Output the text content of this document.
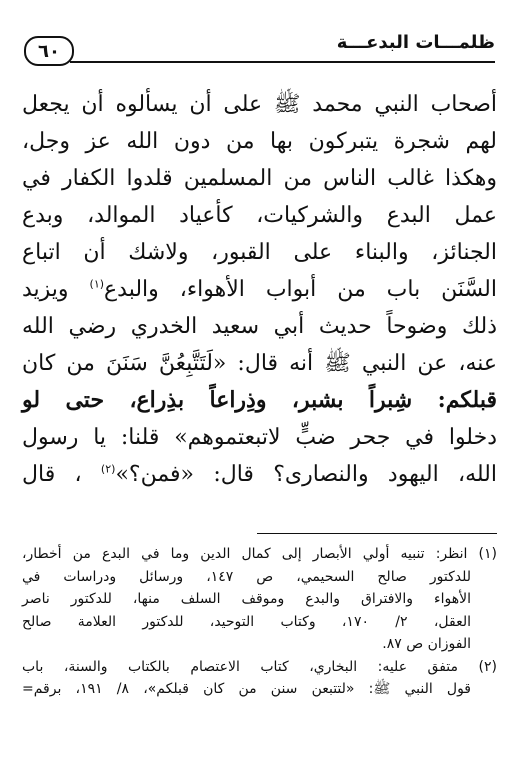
ظلمـــات البدعـــة
٦٠
أصحاب النبي محمد ﷺ على أن يسألوه أن يجعل
لهم شجرة يتبركون بها من دون الله عز وجل،
وهكذا غالب الناس من المسلمين قلدوا الكفار في
عمل البدع والشركيات، كأعياد الموالد، وبدع
الجنائز، والبناء على القبور، ولاشك أن اتباع
السَّنَن باب من أبواب الأهواء، والبدع$^{(١)}$ ويزيد
ذلك وضوحاً حديث أبي سعيد الخدري رضي الله
عنه، عن النبي ﷺ أنه قال: «لَتَتَّبِعُنَّ سَنَنَ من كان
قبلكم: شِبراً بشبر، وذِراعاً بذِراع، حتى لو
دخلوا في جحر ضبٍّ لاتبعتموهم» قلنا: يا رسول
الله، اليهود والنصارى؟ قال: «فمن؟»$^{(٢)}$ ، قال
(١) انظر: تنبيه أولي الأبصار إلى كمال الدين وما في البدع من أخطار،
للدكتور صالح السحيمي، ص ١٤٧، ورسائل ودراسات في
الأهواء والافتراق والبدع وموقف السلف منها، للدكتور ناصر
العقل، ٢/ ١٧٠، وكتاب التوحيد، للدكتور العلامة صالح
الفوزان ص ٨٧.
(٢) متفق عليه: البخاري، كتاب الاعتصام بالكتاب والسنة، باب
قول النبي ﷺ: «لتتبعن سنن من كان قبلكم»، ٨/ ١٩١، برقم=
